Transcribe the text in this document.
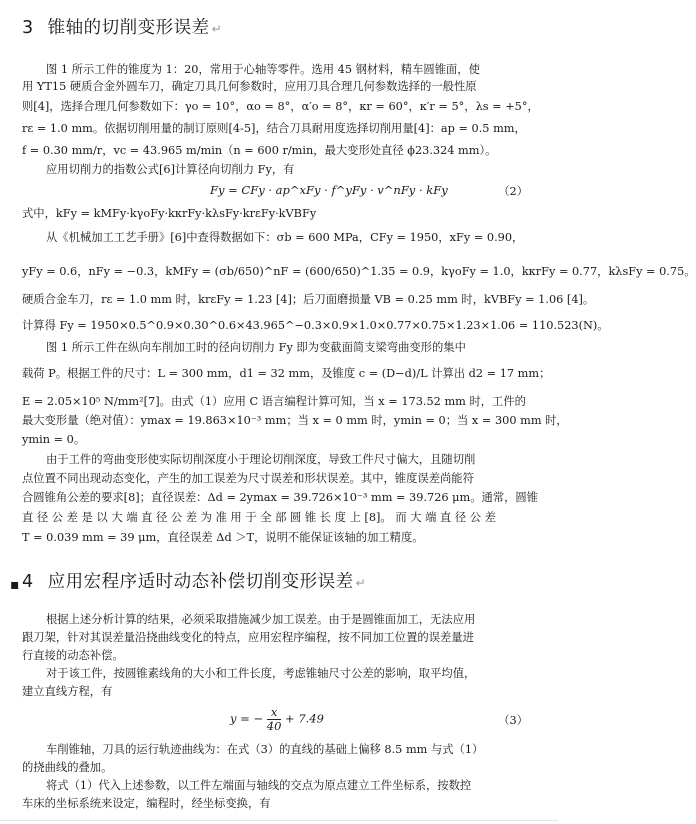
3 锥轴的切削变形误差 ↵
图 1 所示工件的锥度为 1：20，常用于心轴等零件。选用 45 钢材料，精车圆锥面，使
用 YT15 硬质合金外圆车刀，确定刀具几何参数时，应用刀具合理几何参数选择的一般性原
则[4]，选择合理几何参数如下：γo = 10°，αo = 8°，α′o = 8°，κr = 60°，κ′r = 5°，λs = +5°，
rε = 1.0 mm。依据切削用量的制订原则[4-5]，结合刀具耐用度选择切削用量[4]：ap = 0.5 mm，
f = 0.30 mm/r，vc = 43.965 m/min（n = 600 r/min，最大变形处直径 ϕ23.324 mm）。
应用切削力的指数公式[6]计算径向切削力 Fy，有
Fy = CFy · ap^xFy · f^yFy · v^nFy · kFy	（2）
式中，kFy = kMFy·kγoFy·kκrFy·kλsFy·krεFy·kVBFy
从《机械加工工艺手册》[6]中查得数据如下：σb = 600 MPa，CFy = 1950，xFy = 0.90，
yFy = 0.6，nFy = −0.3，kMFy = (σb/650)^nF = (600/650)^1.35 = 0.9，kγoFy = 1.0，kκrFy = 0.77，kλsFy = 0.75。
硬质合金车刀，rε = 1.0 mm 时，krεFy = 1.23 [4]；后刀面磨损量 VB = 0.25 mm 时，kVBFy = 1.06 [4]。
计算得 Fy = 1950×0.5^0.9×0.30^0.6×43.965^−0.3×0.9×1.0×0.77×0.75×1.23×1.06 = 110.523(N)。
图 1 所示工件在纵向车削加工时的径向切削力 Fy 即为变截面简支梁弯曲变形的集中
载荷 P。根据工件的尺寸：L = 300 mm，d1 = 32 mm，及锥度 c = (D−d)/L 计算出 d2 = 17 mm；
E = 2.05×10⁵ N/mm²[7]。由式（1）应用 C 语言编程计算可知，当 x = 173.52 mm 时，工件的
最大变形量（绝对值）：ymax = 19.863×10⁻³ mm；当 x = 0 mm 时，ymin = 0；当 x = 300 mm 时，
ymin = 0。
由于工件的弯曲变形使实际切削深度小于理论切削深度，导致工件尺寸偏大，且随切削
点位置不同出现动态变化，产生的加工误差为尺寸误差和形状误差。其中，锥度误差尚能符
合圆锥角公差的要求[8]；直径误差：Δd = 2ymax = 39.726×10⁻³ mm = 39.726 μm。通常，圆锥
直 径 公 差 是 以 大 端 直 径 公 差 为 准 用 于 全 部 圆 锥 长 度 上 [8]。 而 大 端 直 径 公 差
T = 0.039 mm = 39 μm，直径误差 Δd ＞T，说明不能保证该轴的加工精度。
▪ 4 应用宏程序适时动态补偿切削变形误差 ↵
根据上述分析计算的结果，必须采取措施减少加工误差。由于是圆锥面加工，无法应用
跟刀架，针对其误差量沿挠曲线变化的特点，应用宏程序编程，按不同加工位置的误差量进
行直接的动态补偿。
对于该工件，按圆锥素线角的大小和工件长度，考虑锥轴尺寸公差的影响，取平均值，
建立直线方程，有
y = − $\frac{x}{40} + 7.49$	（3）
车削锥轴，刀具的运行轨迹曲线为：在式（3）的直线的基础上偏移 8.5 mm 与式（1）
的挠曲线的叠加。
将式（1）代入上述参数，以工件左端面与轴线的交点为原点建立工件坐标系，按数控
车床的坐标系统来设定，编程时，经坐标变换，有
